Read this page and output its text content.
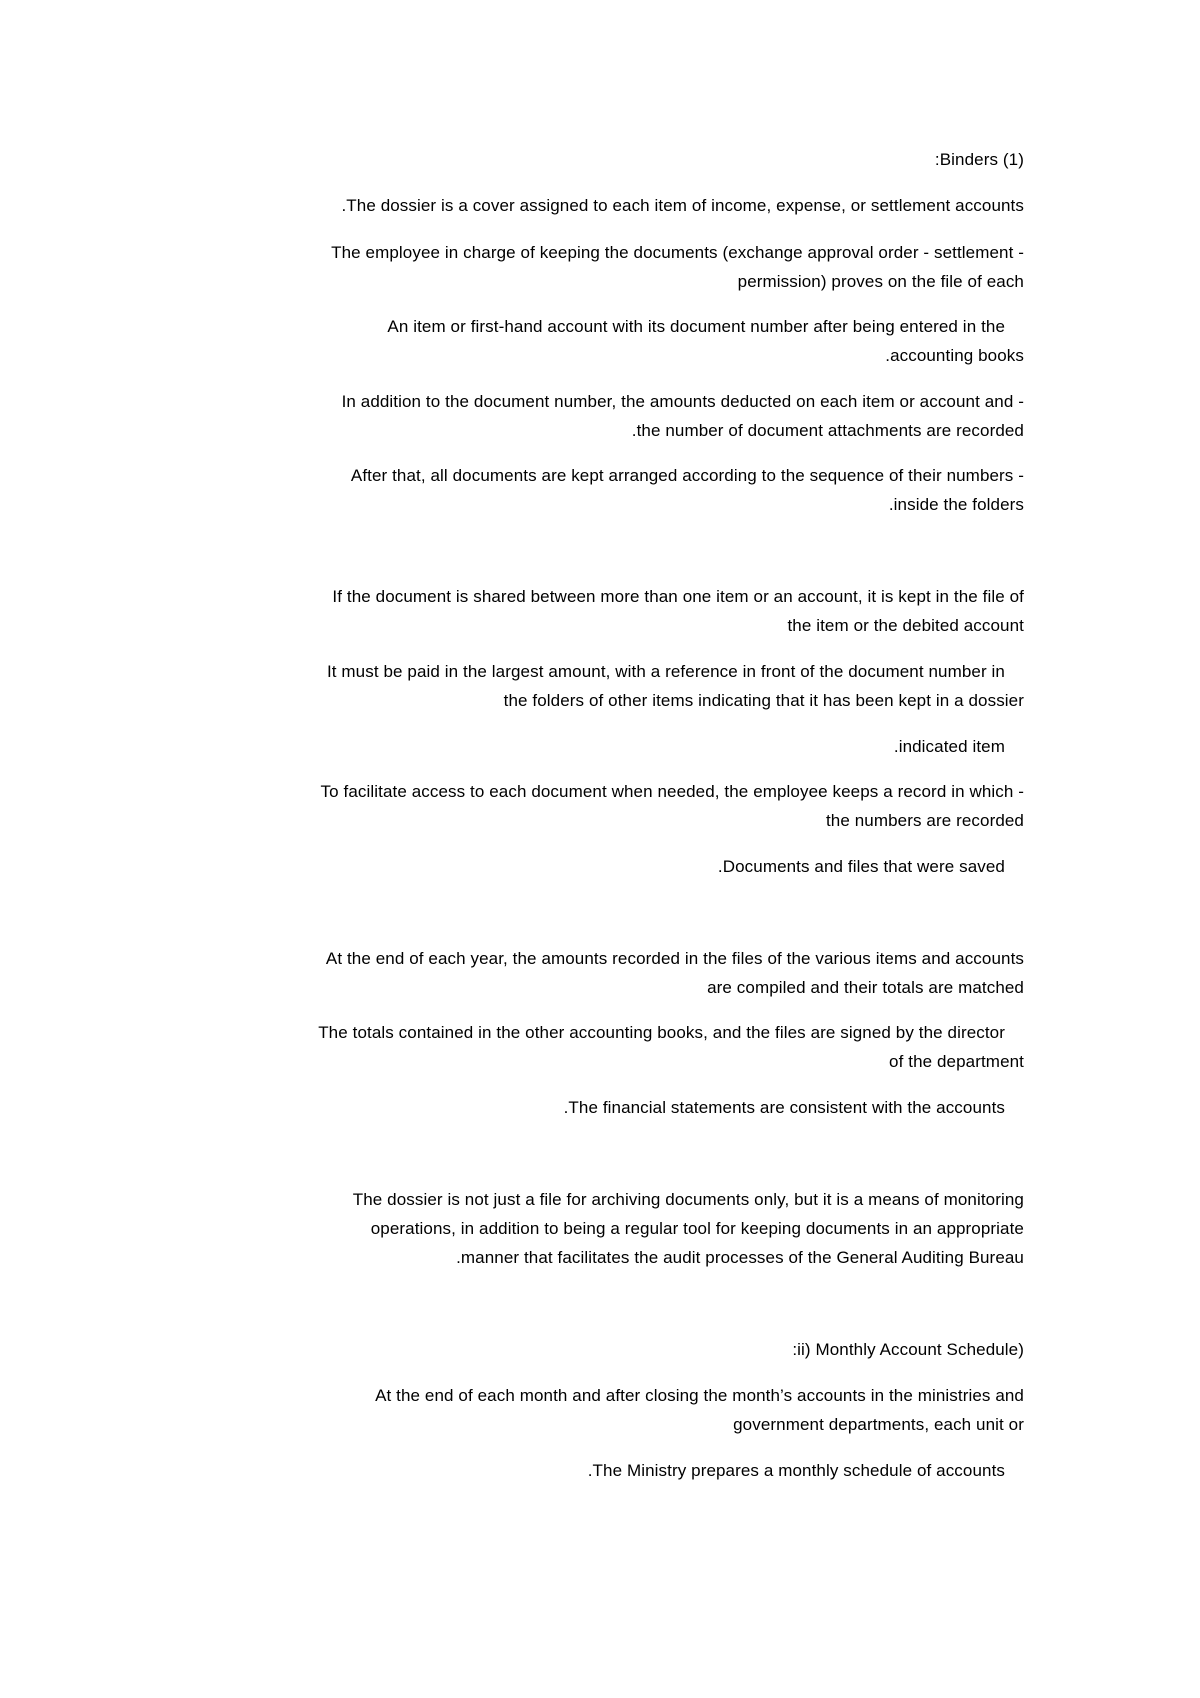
:Binders (1)
.The dossier is a cover assigned to each item of income, expense, or settlement accounts
The employee in charge of keeping the documents (exchange approval order - settlement -
permission) proves on the file of each
An item or first-hand account with its document number after being entered in the
.accounting books
In addition to the document number, the amounts deducted on each item or account and -
.the number of document attachments are recorded
After that, all documents are kept arranged according to the sequence of their numbers -
.inside the folders
If the document is shared between more than one item or an account, it is kept in the file of
the item or the debited account
It must be paid in the largest amount, with a reference in front of the document number in
the folders of other items indicating that it has been kept in a dossier
.indicated item
To facilitate access to each document when needed, the employee keeps a record in which -
the numbers are recorded
.Documents and files that were saved
At the end of each year, the amounts recorded in the files of the various items and accounts
are compiled and their totals are matched
The totals contained in the other accounting books, and the files are signed by the director
of the department
.The financial statements are consistent with the accounts
The dossier is not just a file for archiving documents only, but it is a means of monitoring
operations, in addition to being a regular tool for keeping documents in an appropriate
.manner that facilitates the audit processes of the General Auditing Bureau
:ii) Monthly Account Schedule)
At the end of each month and after closing the month’s accounts in the ministries and
government departments, each unit or
.The Ministry prepares a monthly schedule of accounts
